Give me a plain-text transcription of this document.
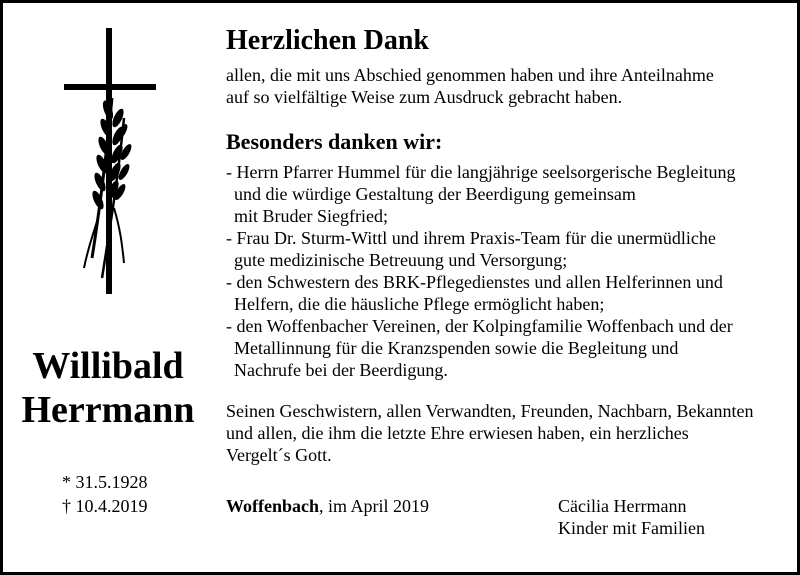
Willibald
Herrmann
* 31.5.1928
† 10.4.2019
Herzlichen Dank
allen, die mit uns Abschied genommen haben und ihre Anteilnahme
auf so vielfältige Weise zum Ausdruck gebracht haben.
Besonders danken wir:
- Herrn Pfarrer Hummel für die langjährige seelsorgerische Begleitung
und die würdige Gestaltung der Beerdigung gemeinsam
mit Bruder Siegfried;
- Frau Dr. Sturm-Wittl und ihrem Praxis-Team für die unermüdliche
gute medizinische Betreuung und Versorgung;
- den Schwestern des BRK-Pflegedienstes und allen Helferinnen und
Helfern, die die häusliche Pflege ermöglicht haben;
- den Woffenbacher Vereinen, der Kolpingfamilie Woffenbach und der
Metallinnung für die Kranzspenden sowie die Begleitung und
Nachrufe bei der Beerdigung.
Seinen Geschwistern, allen Verwandten, Freunden, Nachbarn, Bekannten
und allen, die ihm die letzte Ehre erwiesen haben, ein herzliches
Vergelt´s Gott.
Woffenbach, im April 2019	Cäcilia Herrmann
Kinder mit Familien
